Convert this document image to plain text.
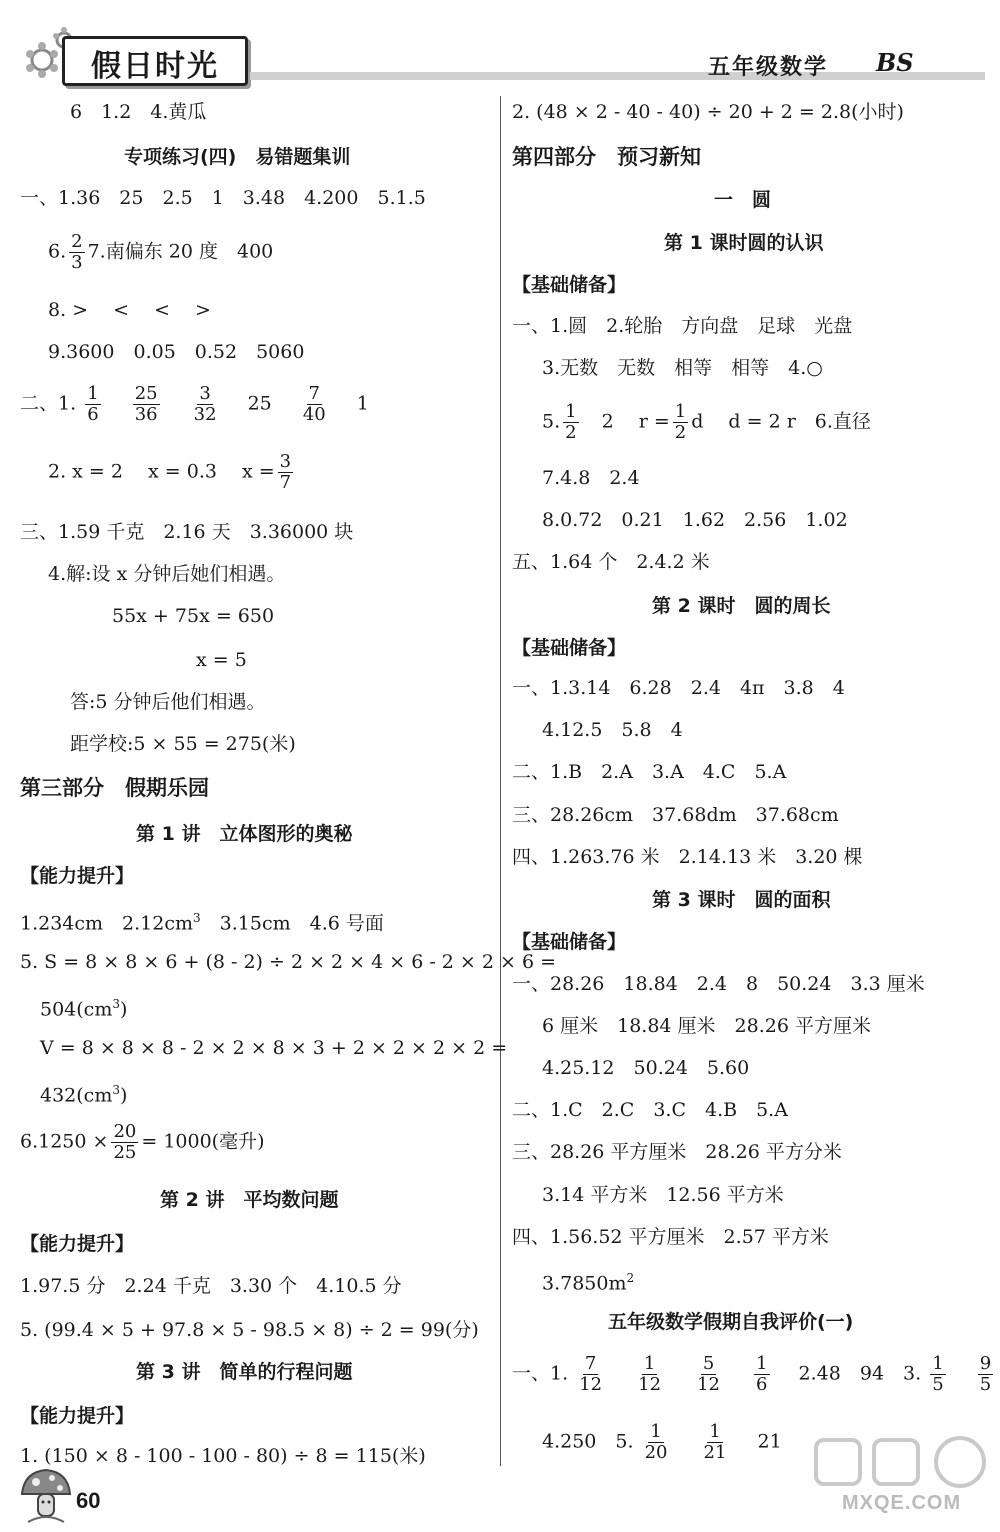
假日时光	五年级数学 BS
6　1.2　4.黄瓜
专项练习(四)　易错题集训
一、1.36　25　2.5　1　3.48　4.200　5.1.5
6. $\frac{2}{3} 7$.南偏东 20 度　400
8. >　 <　 <　 >
9.3600　0.05　0.52　5060
二、1. $\frac{1}{6}$
$\frac{25}{36}$
$\frac{3}{32} 25 \frac{7}{40} 1$
2. x = 2　 x = 0.3　 $x = \frac{3}{7}$
三、1.59 千克　2.16 天　3.36000 块
4.解:设 x 分钟后她们相遇。
55x + 75x = 650
x = 5
答:5 分钟后他们相遇。
距学校:5 × 55 = 275(米)
第三部分　假期乐园
第 1 讲　立体图形的奥秘
【能力提升】
1.234cm　$2.12cm^3$　3.15cm　4.6 号面
5. S = 8 × 8 × 6 + (8 - 2) ÷ 2 × 2 × 4 × 6 - 2 × 2 × 6 =
$504(cm^3)$
V = 8 × 8 × 8 - 2 × 2 × 8 × 3 + 2 × 2 × 2 × 2 =
$432(cm^3)$
$6.1250 \times \frac{20}{25} = 1000$(毫升)
第 2 讲　平均数问题
【能力提升】
1.97.5 分　2.24 千克　3.30 个　4.10.5 分
5. (99.4 × 5 + 97.8 × 5 - 98.5 × 8) ÷ 2 = 99(分)
第 3 讲　简单的行程问题
【能力提升】
1. (150 × 8 - 100 - 100 - 80) ÷ 8 = 115(米)
2. (48 × 2 - 40 - 40) ÷ 20 + 2 = 2.8(小时)
第四部分　预习新知
一　圆
第 1 课时圆的认识
【基础储备】
一、1.圆　2.轮胎　方向盘　足球　光盘
3.无数　无数　相等　相等　4.○
5. $\frac{1}{2} 2$　 $r = \frac{1}{2}$ d　 d = 2 r　6.直径
7.4.8　2.4
8.0.72　0.21　1.62　2.56　1.02
五、1.64 个　2.4.2 米
第 2 课时　圆的周长
【基础储备】
一、1.3.14　6.28　2.4　4π　3.8　4
4.12.5　5.8　4
二、1.B　2.A　3.A　4.C　5.A
三、28.26cm　37.68dm　37.68cm
四、1.263.76 米　2.14.13 米　3.20 棵
第 3 课时　圆的面积
【基础储备】
一、28.26　18.84　2.4　8　50.24　3.3 厘米
6 厘米　18.84 厘米　28.26 平方厘米
4.25.12　50.24　5.60
二、1.C　2.C　3.C　4.B　5.A
三、28.26 平方厘米　28.26 平方分米
3.14 平方米　12.56 平方米
四、1.56.52 平方厘米　2.57 平方米
$3.7850m^2$
五年级数学假期自我评价(一)
一、1. $\frac{7}{12}$
$\frac{1}{12}$
$\frac{5}{12}$
$\frac{1}{6} 2.48$　94　3. $\frac{1}{5}$
$\frac{9}{5}$
4.250　5. $\frac{1}{20}$
$\frac{1}{21} 21$
60	MXQE.COM
